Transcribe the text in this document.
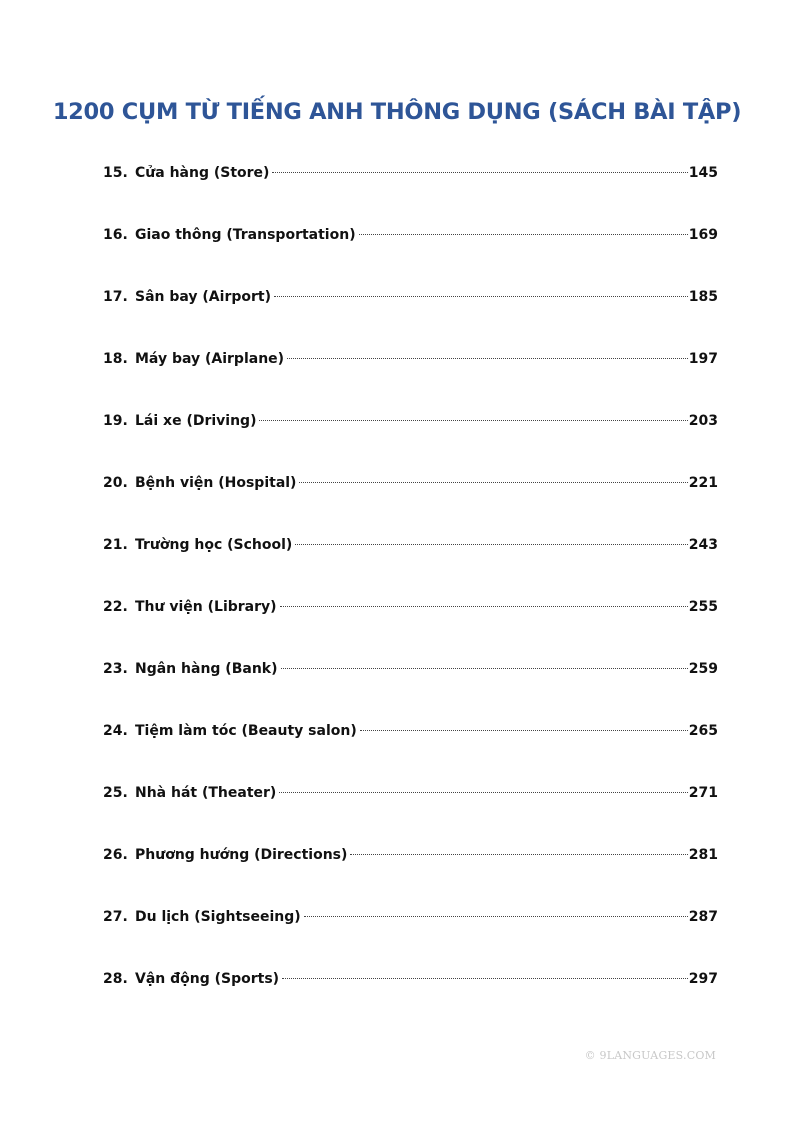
1200 CỤM TỪ TIẾNG ANH THÔNG DỤNG (SÁCH BÀI TẬP)
15. Cửa hàng (Store)	145
16. Giao thông (Transportation)	169
17. Sân bay (Airport)	185
18. Máy bay (Airplane)	197
19. Lái xe (Driving)	203
20. Bệnh viện (Hospital)	221
21. Trường học (School)	243
22. Thư viện (Library)	255
23. Ngân hàng (Bank)	259
24. Tiệm làm tóc (Beauty salon)	265
25. Nhà hát (Theater)	271
26. Phương hướng (Directions)	281
27. Du lịch (Sightseeing)	287
28. Vận động (Sports)	297
© 9LANGUAGES.COM
